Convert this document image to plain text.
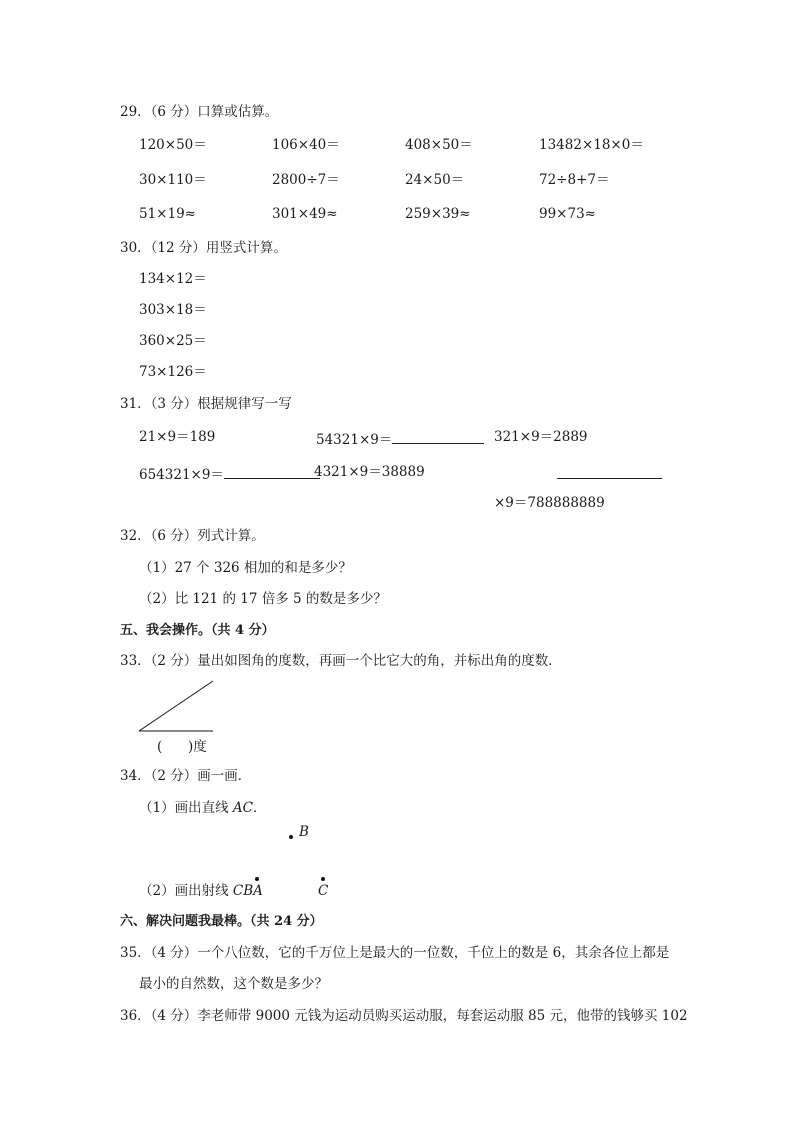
29．（6 分）口算或估算。
120×50＝	106×40＝	408×50＝	13482×18×0＝
30×110＝	2800÷7＝	24×50＝	72÷8+7＝
51×19≈	301×49≈	259×39≈	99×73≈
30．（12 分）用竖式计算。
134×12＝
303×18＝
360×25＝
73×126＝
31．（3 分）根据规律写一写
21×9＝189	54321×9＝	321×9＝2889
654321×9＝	4321×9＝38889
×9＝788888889
32．（6 分）列式计算。
（1）27 个 326 相加的和是多少？
（2）比 121 的 17 倍多 5 的数是多少？
五、我会操作。（共 4 分）
33．（2 分）量出如图角的度数，再画一个比它大的角，并标出角的度数．
( )度
34．（2 分）画一画．
（1）画出直线 AC．
B
（2）画出射线 CBA	C
六、解决问题我最棒。（共 24 分）
35．（4 分）一个八位数，它的千万位上是最大的一位数，千位上的数是 6，其余各位上都是
最小的自然数，这个数是多少？
36．（4 分）李老师带 9000 元钱为运动员购买运动服，每套运动服 85 元，他带的钱够买 102
